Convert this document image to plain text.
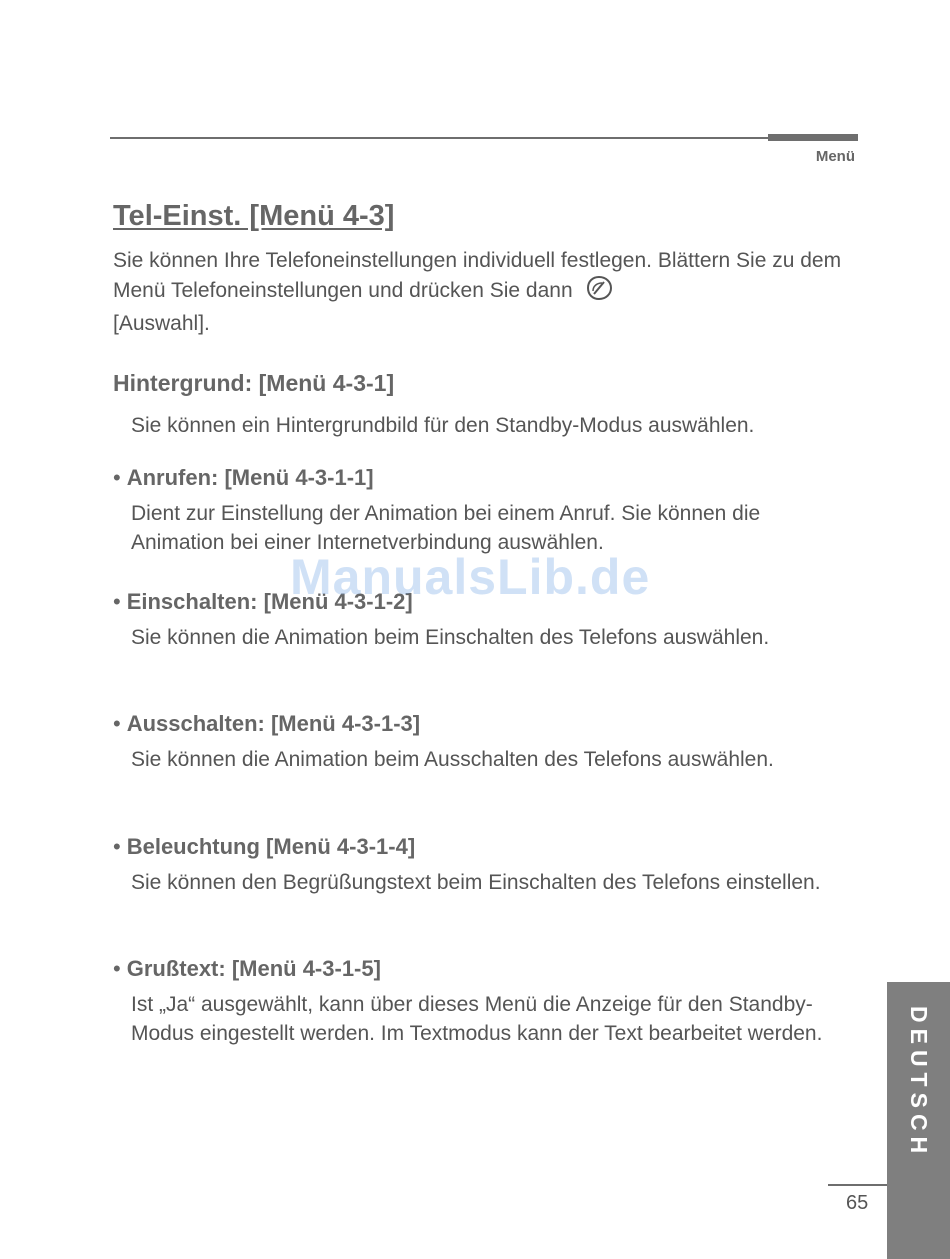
Menü
Tel-Einst. [Menü 4-3]

Sie können Ihre Telefoneinstellungen individuell festlegen. Blättern Sie zu dem Menü Telefoneinstellungen und drücken Sie dann
[Auswahl].

Hintergrund: [Menü 4-3-1]

Sie können ein Hintergrundbild für den Standby-Modus auswählen.

• Anrufen: [Menü 4-3-1-1]

Dient zur Einstellung der Animation bei einem Anruf. Sie können die Animation bei einer Internetverbindung auswählen.

• Einschalten: [Menü 4-3-1-2]

Sie können die Animation beim Einschalten des Telefons auswählen.

• Ausschalten: [Menü 4-3-1-3]

Sie können die Animation beim Ausschalten des Telefons auswählen.

• Beleuchtung [Menü 4-3-1-4]

Sie können den Begrüßungstext beim Einschalten des Telefons einstellen.

• Grußtext: [Menü 4-3-1-5]

Ist „Ja“ ausgewählt, kann über dieses Menü die Anzeige für den Standby-Modus eingestellt werden. Im Textmodus kann der Text bearbeitet werden.

ManualsLib.de
DEUTSCH
65
